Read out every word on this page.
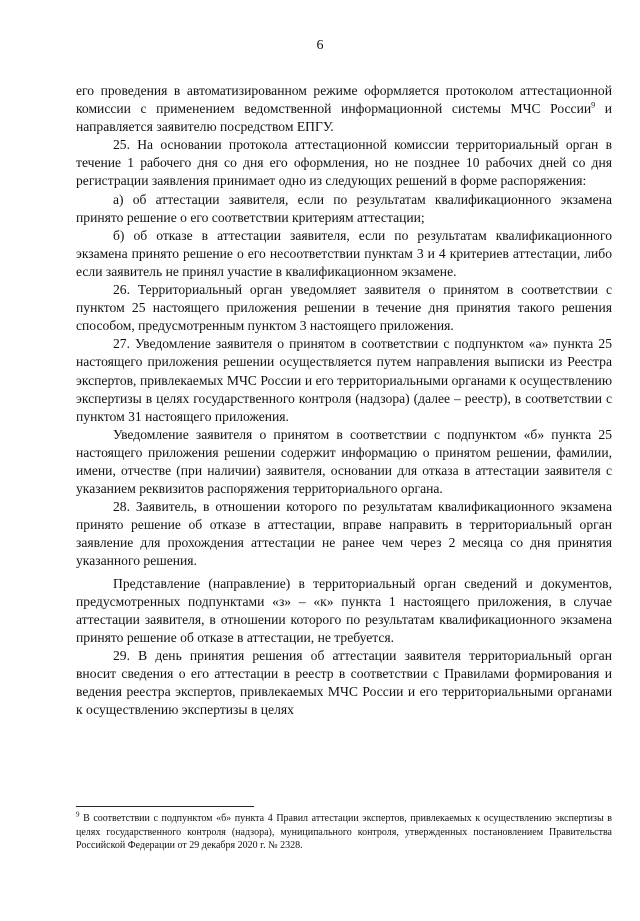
6

его проведения в автоматизированном режиме оформляется протоколом аттестационной комиссии с применением ведомственной информационной системы МЧС России$^9$ и направляется заявителю посредством ЕПГУ.

25. На основании протокола аттестационной комиссии территориальный орган в течение 1 рабочего дня со дня его оформления, но не позднее 10 рабочих дней со дня регистрации заявления принимает одно из следующих решений в форме распоряжения:

а) об аттестации заявителя, если по результатам квалификационного экзамена принято решение о его соответствии критериям аттестации;

б) об отказе в аттестации заявителя, если по результатам квалификационного экзамена принято решение о его несоответствии пунктам 3 и 4 критериев аттестации, либо если заявитель не принял участие в квалификационном экзамене.

26. Территориальный орган уведомляет заявителя о принятом в соответствии с пунктом 25 настоящего приложения решении в течение дня принятия такого решения способом, предусмотренным пунктом 3 настоящего приложения.

27. Уведомление заявителя о принятом в соответствии с подпунктом «а» пункта 25 настоящего приложения решении осуществляется путем направления выписки из Реестра экспертов, привлекаемых МЧС России и его территориальными органами к осуществлению экспертизы в целях государственного контроля (надзора) (далее – реестр), в соответствии с пунктом 31 настоящего приложения.

Уведомление заявителя о принятом в соответствии с подпунктом «б» пункта 25 настоящего приложения решении содержит информацию о принятом решении, фамилии, имени, отчестве (при наличии) заявителя, основании для отказа в аттестации заявителя с указанием реквизитов распоряжения территориального органа.

28. Заявитель, в отношении которого по результатам квалификационного экзамена принято решение об отказе в аттестации, вправе направить в территориальный орган заявление для прохождения аттестации не ранее чем через 2 месяца со дня принятия указанного решения.

Представление (направление) в территориальный орган сведений и документов, предусмотренных подпунктами «з» – «к» пункта 1 настоящего приложения, в случае аттестации заявителя, в отношении которого по результатам квалификационного экзамена принято решение об отказе в аттестации, не требуется.

29. В день принятия решения об аттестации заявителя территориальный орган вносит сведения о его аттестации в реестр в соответствии с Правилами формирования и ведения реестра экспертов, привлекаемых МЧС России и его территориальными органами к осуществлению экспертизы в целях

$^9$ В соответствии с подпунктом «б» пункта 4 Правил аттестации экспертов, привлекаемых к осуществлению экспертизы в целях государственного контроля (надзора), муниципального контроля, утвержденных постановлением Правительства Российской Федерации от 29 декабря 2020 г. № 2328.
